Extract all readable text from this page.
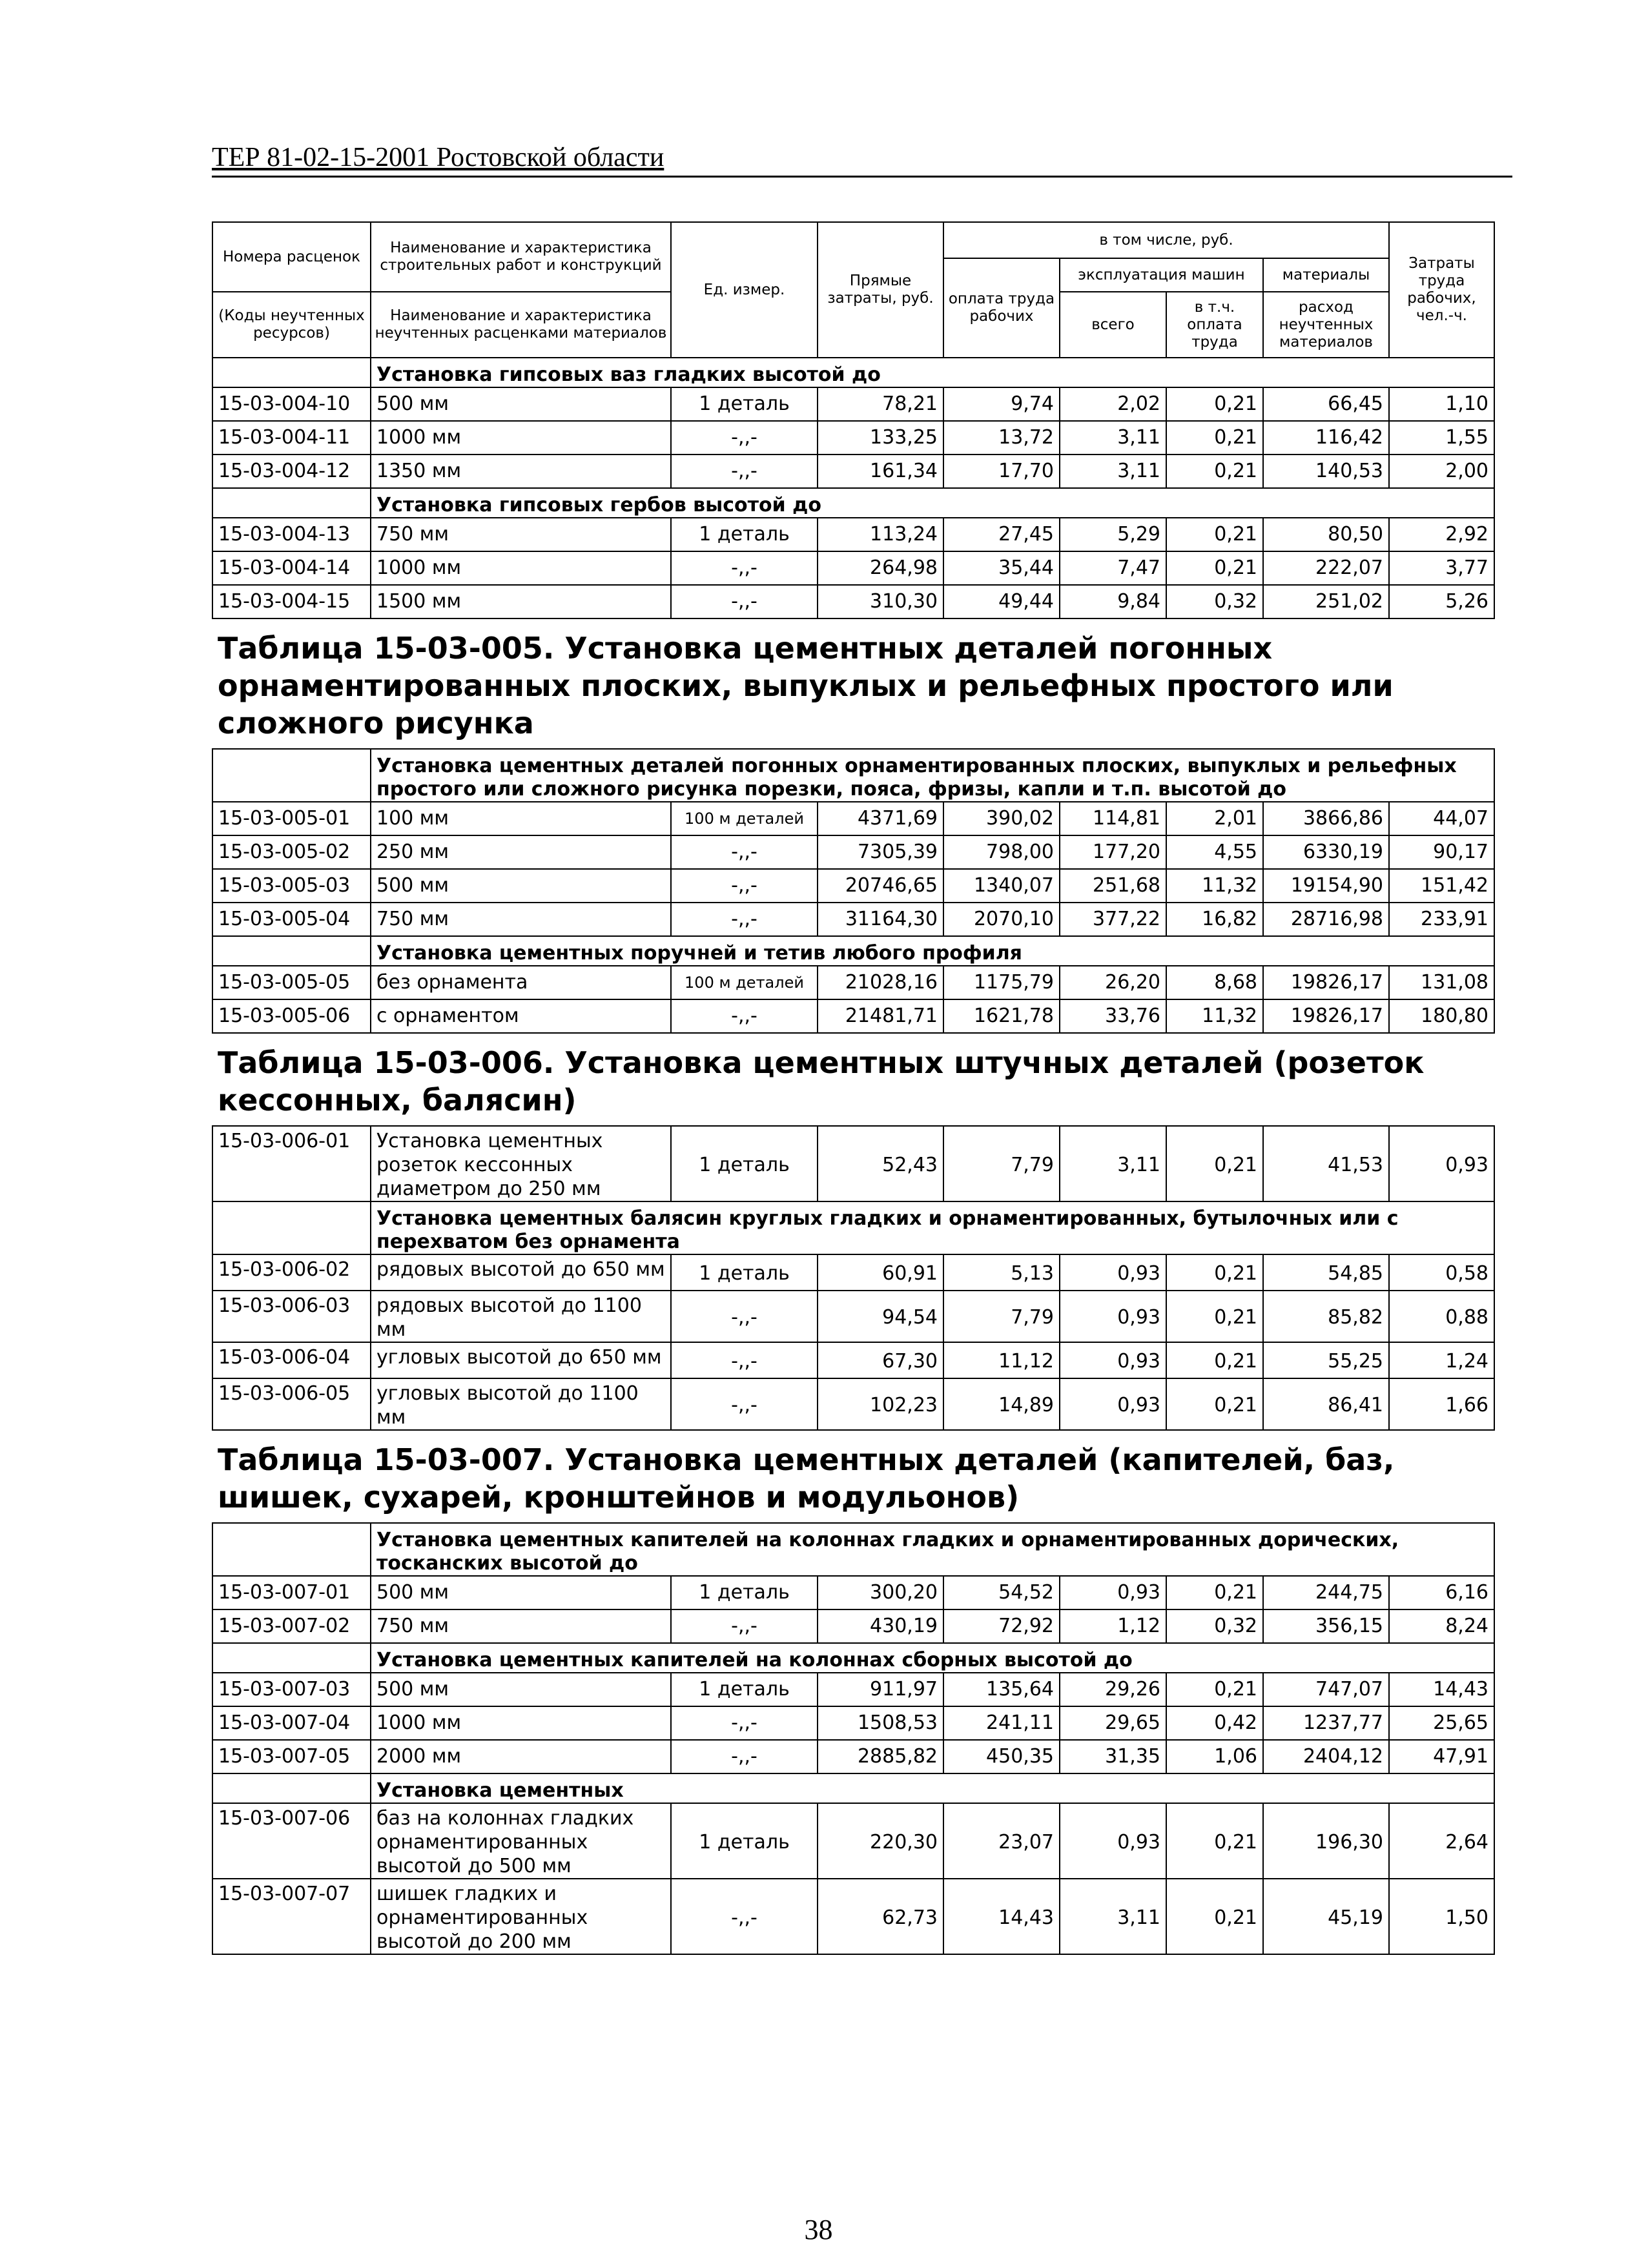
ТЕР 81-02-15-2001 Ростовской области
Номера расценок	Наименование и характеристика строительных работ и конструкций	Ед. измер.	Прямые затраты, руб.	в том числе, руб.				Затраты труда рабочих, чел.-ч.
				оплата труда рабочих	эксплуатация машин		материалы	
(Коды неучтенных ресурсов)	Наименование и характеристика неучтенных расценками материалов				всего	в т.ч. оплата труда	расход неучтенных материалов	

	Установка гипсовых ваз гладких высотой до							
15-03-004-10	500 мм	1 деталь	78,21	9,74	2,02	0,21	66,45	1,10
15-03-004-11	1000 мм	-,,-	133,25	13,72	3,11	0,21	116,42	1,55
15-03-004-12	1350 мм	-,,-	161,34	17,70	3,11	0,21	140,53	2,00
	Установка гипсовых гербов высотой до							
15-03-004-13	750 мм	1 деталь	113,24	27,45	5,29	0,21	80,50	2,92
15-03-004-14	1000 мм	-,,-	264,98	35,44	7,47	0,21	222,07	3,77
15-03-004-15	1500 мм	-,,-	310,30	49,44	9,84	0,32	251,02	5,26
Таблица 15-03-005. Установка цементных деталей погонных орнаментированных плоских, выпуклых и рельефных простого или сложного рисунка								
	Установка цементных деталей погонных орнаментированных плоских, выпуклых и рельефных простого или сложного рисунка порезки, пояса, фризы, капли и т.п. высотой до							
15-03-005-01	100 мм	100 м деталей	4371,69	390,02	114,81	2,01	3866,86	44,07
15-03-005-02	250 мм	-,,-	7305,39	798,00	177,20	4,55	6330,19	90,17
15-03-005-03	500 мм	-,,-	20746,65	1340,07	251,68	11,32	19154,90	151,42
15-03-005-04	750 мм	-,,-	31164,30	2070,10	377,22	16,82	28716,98	233,91
	Установка цементных поручней и тетив любого профиля							
15-03-005-05	без орнамента	100 м деталей	21028,16	1175,79	26,20	8,68	19826,17	131,08
15-03-005-06	с орнаментом	-,,-	21481,71	1621,78	33,76	11,32	19826,17	180,80
Таблица 15-03-006. Установка цементных штучных деталей (розеток кессонных, балясин)								
15-03-006-01	Установка цементных розеток кессонных диаметром до 250 мм	1 деталь	52,43	7,79	3,11	0,21	41,53	0,93
	Установка цементных балясин круглых гладких и орнаментированных, бутылочных или с перехватом без орнамента							
15-03-006-02	рядовых высотой до 650 мм	1 деталь	60,91	5,13	0,93	0,21	54,85	0,58
15-03-006-03	рядовых высотой до 1100 мм	-,,-	94,54	7,79	0,93	0,21	85,82	0,88
15-03-006-04	угловых высотой до 650 мм	-,,-	67,30	11,12	0,93	0,21	55,25	1,24
15-03-006-05	угловых высотой до 1100 мм	-,,-	102,23	14,89	0,93	0,21	86,41	1,66
Таблица 15-03-007. Установка цементных деталей (капителей, баз, шишек, сухарей, кронштейнов и модульонов)								
	Установка цементных капителей на колоннах гладких и орнаментированных дорических, тосканских высотой до							
15-03-007-01	500 мм	1 деталь	300,20	54,52	0,93	0,21	244,75	6,16
15-03-007-02	750 мм	-,,-	430,19	72,92	1,12	0,32	356,15	8,24
	Установка цементных капителей на колоннах сборных высотой до							
15-03-007-03	500 мм	1 деталь	911,97	135,64	29,26	0,21	747,07	14,43
15-03-007-04	1000 мм	-,,-	1508,53	241,11	29,65	0,42	1237,77	25,65
15-03-007-05	2000 мм	-,,-	2885,82	450,35	31,35	1,06	2404,12	47,91
	Установка цементных							
15-03-007-06	баз на колоннах гладких орнаментированных высотой до 500 мм	1 деталь	220,30	23,07	0,93	0,21	196,30	2,64
15-03-007-07	шишек гладких и орнаментированных высотой до 200 мм	-,,-	62,73	14,43	3,11	0,21	45,19	1,50
38
